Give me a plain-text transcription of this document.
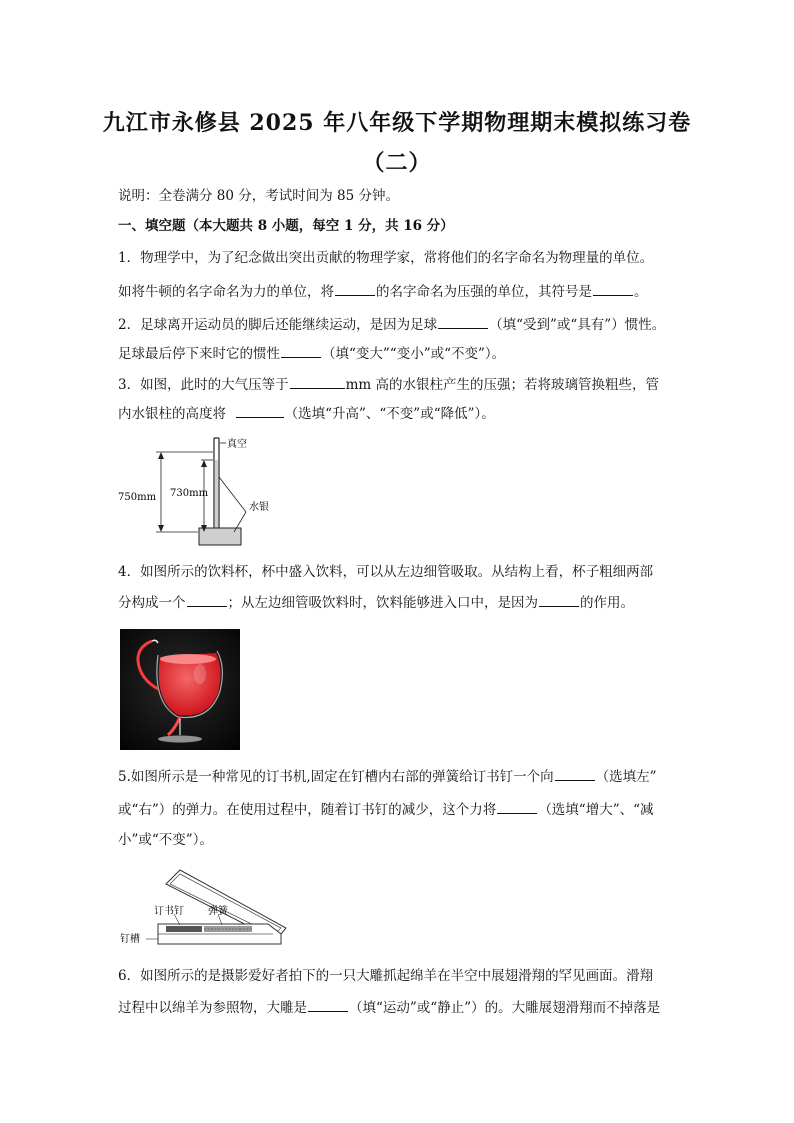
九江市永修县 2025 年八年级下学期物理期末模拟练习卷
（二）
说明：全卷满分 80 分，考试时间为 85 分钟。
一、填空题（本大题共 8 小题，每空 1 分，共 16 分）
1．物理学中，为了纪念做出突出贡献的物理学家，常将他们的名字命名为物理量的单位。
如将牛顿的名字命名为力的单位，将	的名字命名为压强的单位，其符号是	。
2．足球离开运动员的脚后还能继续运动，是因为足球	（填“受到”或“具有”）惯性。
足球最后停下来时它的惯性	（填“变大”“变小”或“不变”）。
3．如图，此时的大气压等于	mm 高的水银柱产生的压强；若将玻璃管换粗些，管
内水银柱的高度将	（选填“升高”、“不变”或“降低”）。
真空
水银
750mm 730mm
4．如图所示的饮料杯，杯中盛入饮料，可以从左边细管吸取。从结构上看，杯子粗细两部
分构成一个	；从左边细管吸饮料时，饮料能够进入口中，是因为	的作用。
5.如图所示是一种常见的订书机,固定在钉槽内右部的弹簧给订书钉一个向	（选填左”
或“右”）的弹力。在使用过程中，随着订书钉的减少，这个力将	（选填“增大”、“减
小”或“不变”）。
订书钉 弹簧
钉槽
6．如图所示的是摄影爱好者拍下的一只大雕抓起绵羊在半空中展翅滑翔的罕见画面。滑翔
过程中以绵羊为参照物，大雕是	（填“运动”或“静止”）的。大雕展翅滑翔而不掉落是
